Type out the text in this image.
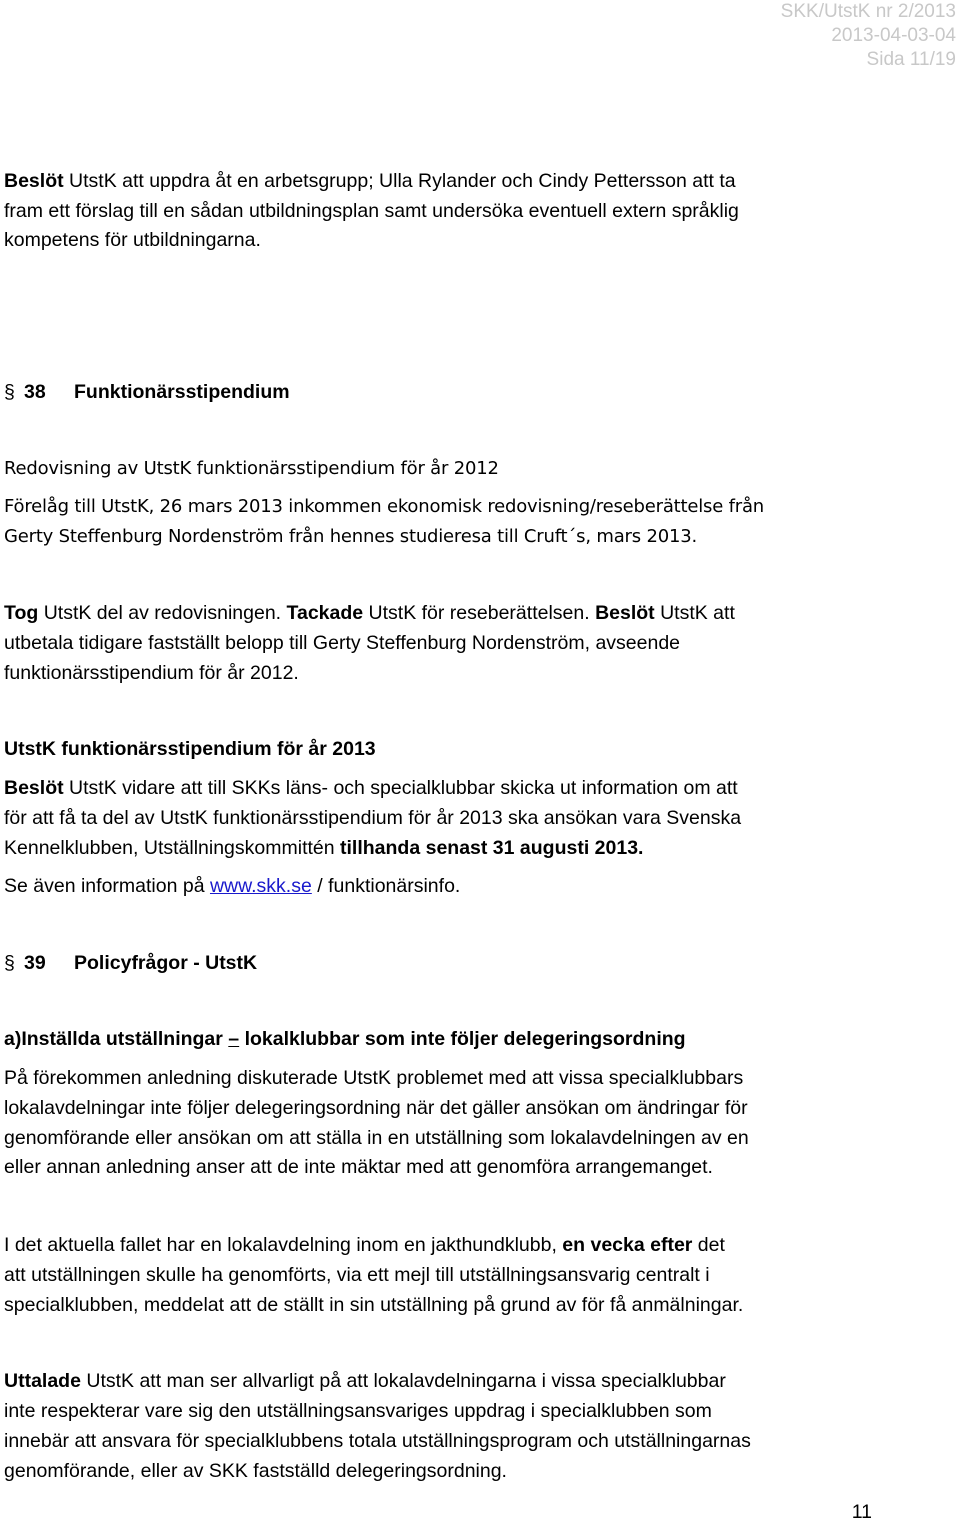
SKK/UtstK nr 2/2013
2013-04-03-04
Sida 11/19

Beslöt UtstK att uppdra åt en arbetsgrupp; Ulla Rylander och Cindy Pettersson att ta

fram ett förslag till en sådan utbildningsplan samt undersöka eventuell extern språklig

kompetens för utbildningarna.

§ 38 Funktionärsstipendium

Redovisning av UtstK funktionärsstipendium för år 2012

Förelåg till UtstK, 26 mars 2013 inkommen ekonomisk redovisning/reseberättelse från

Gerty Steffenburg Nordenström från hennes studieresa till Cruft´s, mars 2013.

Tog UtstK del av redovisningen. Tackade UtstK för reseberättelsen. Beslöt UtstK att

utbetala tidigare fastställt belopp till Gerty Steffenburg Nordenström, avseende

funktionärsstipendium för år 2012.

UtstK funktionärsstipendium för år 2013

Beslöt UtstK vidare att till SKKs läns- och specialklubbar skicka ut information om att

för att få ta del av UtstK funktionärsstipendium för år 2013 ska ansökan vara Svenska

Kennelklubben, Utställningskommittén tillhanda senast 31 augusti 2013.

Se även information på www.skk.se / funktionärsinfo.

§ 39 Policyfrågor - UtstK

a)Inställda utställningar – lokalklubbar som inte följer delegeringsordning

På förekommen anledning diskuterade UtstK problemet med att vissa specialklubbars

lokalavdelningar inte följer delegeringsordning när det gäller ansökan om ändringar för

genomförande eller ansökan om att ställa in en utställning som lokalavdelningen av en

eller annan anledning anser att de inte mäktar med att genomföra arrangemanget.

I det aktuella fallet har en lokalavdelning inom en jakthundklubb, en vecka efter det

att utställningen skulle ha genomförts, via ett mejl till utställningsansvarig centralt i

specialklubben, meddelat att de ställt in sin utställning på grund av för få anmälningar.

Uttalade UtstK att man ser allvarligt på att lokalavdelningarna i vissa specialklubbar

inte respekterar vare sig den utställningsansvariges uppdrag i specialklubben som

innebär att ansvara för specialklubbens totala utställningsprogram och utställningarnas

genomförande, eller av SKK fastställd delegeringsordning.

11
